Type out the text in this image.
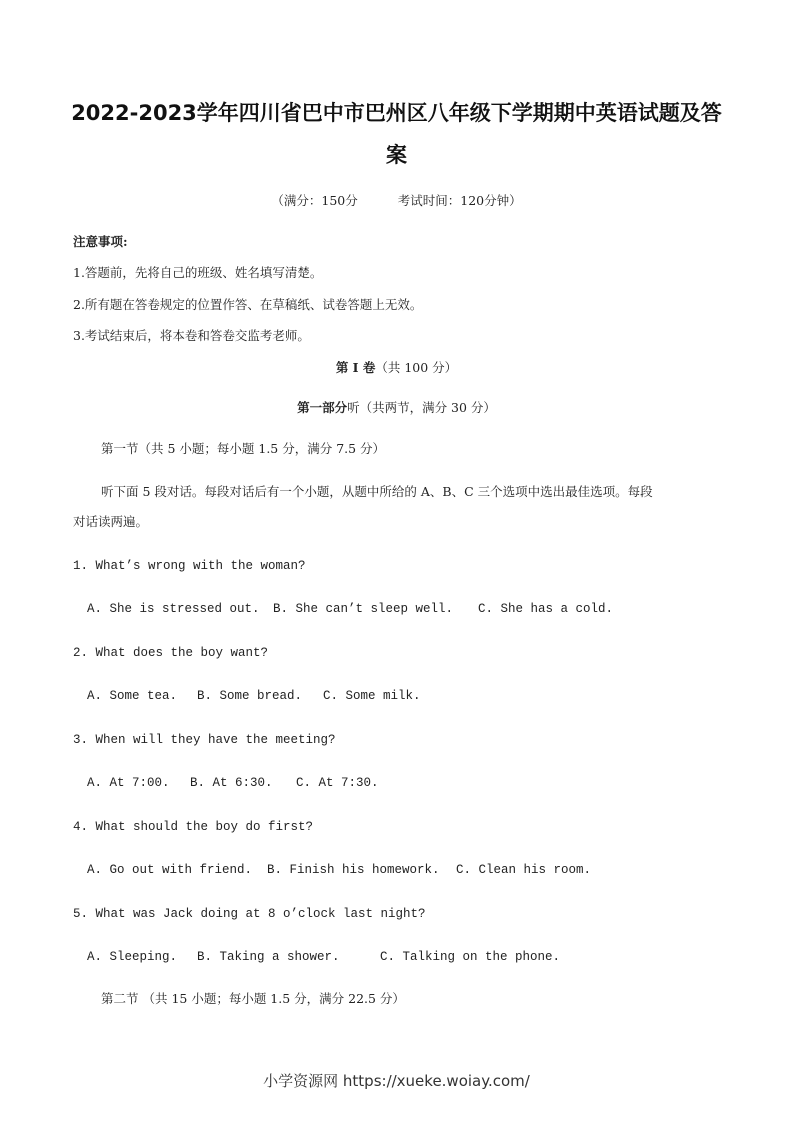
2022-2023学年四川省巴中市巴州区八年级下学期期中英语试题及答
案
（满分：150分	考试时间：120分钟）
注意事项:
1.答题前，先将自己的班级、姓名填写清楚。
2.所有题在答卷规定的位置作答、在草稿纸、试卷答题上无效。
3.考试结束后，将本卷和答卷交监考老师。
第 I 卷（共 100 分）
第一部分听（共两节，满分 30 分）
第一节（共 5 小题；每小题 1.5 分，满分 7.5 分）
听下面 5 段对话。每段对话后有一个小题，从题中所给的 A、B、C 三个选项中选出最佳选项。每段
对话读两遍。
1. What’s wrong with the woman?
A. She is stressed out. B. She can’t sleep well. C. She has a cold.
2. What does the boy want?
A. Some tea. B. Some bread. C. Some milk.
3. When will they have the meeting?
A. At 7:00. B. At 6:30. C. At 7:30.
4. What should the boy do first?
A. Go out with friend. B. Finish his homework. C. Clean his room.
5. What was Jack doing at 8 o’clock last night?
A. Sleeping. B. Taking a shower.	C. Talking on the phone.
第二节 （共 15 小题；每小题 1.5 分，满分 22.5 分）
小学资源网 https://xueke.woiay.com/
